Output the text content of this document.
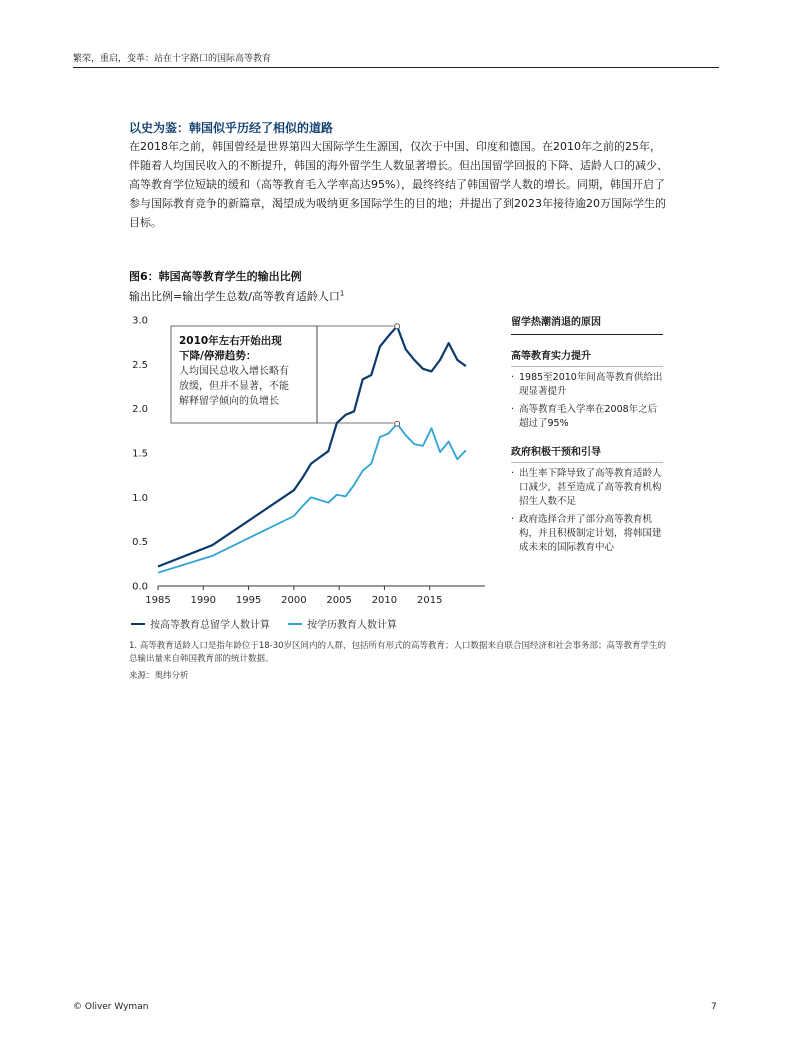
繁荣，重启，变革：站在十字路口的国际高等教育
以史为鉴：韩国似乎历经了相似的道路
在2018年之前，韩国曾经是世界第四大国际学生生源国，仅次于中国、印度和德国。在2010年之前的25年，伴随着人均国民收入的不断提升，韩国的海外留学生人数显著增长。但出国留学回报的下降、适龄人口的减少、高等教育学位短缺的缓和（高等教育毛入学率高达95%），最终终结了韩国留学人数的增长。同期，韩国开启了参与国际教育竞争的新篇章，渴望成为吸纳更多国际学生的目的地；并提出了到2023年接待逾20万国际学生的目标。
图6：韩国高等教育学生的输出比例
输出比例=输出学生总数/高等教育适龄人口$^1$
0.0
0.5
1.0
1.5
2.0
2.5
3.0
1985 1990 1995 2000 2005 2010 2015
2010年左右开始出现
下降/停滞趋势：
人均国民总收入增长略有
放缓，但并不显著，不能
解释留学倾向的负增长
按高等教育总留学人数计算	按学历教育人数计算
1. 高等教育适龄人口是指年龄位于18-30岁区间内的人群，包括所有形式的高等教育；人口数据来自联合国经济和社会事务部；高等教育学生的总输出量来自韩国教育部的统计数据。
来源：奥纬分析
留学热潮消退的原因
高等教育实力提升
· 1985至2010年间高等教育供给出现显著提升
· 高等教育毛入学率在2008年之后超过了95%
政府积极干预和引导
· 出生率下降导致了高等教育适龄人口减少，甚至造成了高等教育机构招生人数不足
· 政府选择合并了部分高等教育机构，并且积极制定计划，将韩国建成未来的国际教育中心
© Oliver Wyman	7
